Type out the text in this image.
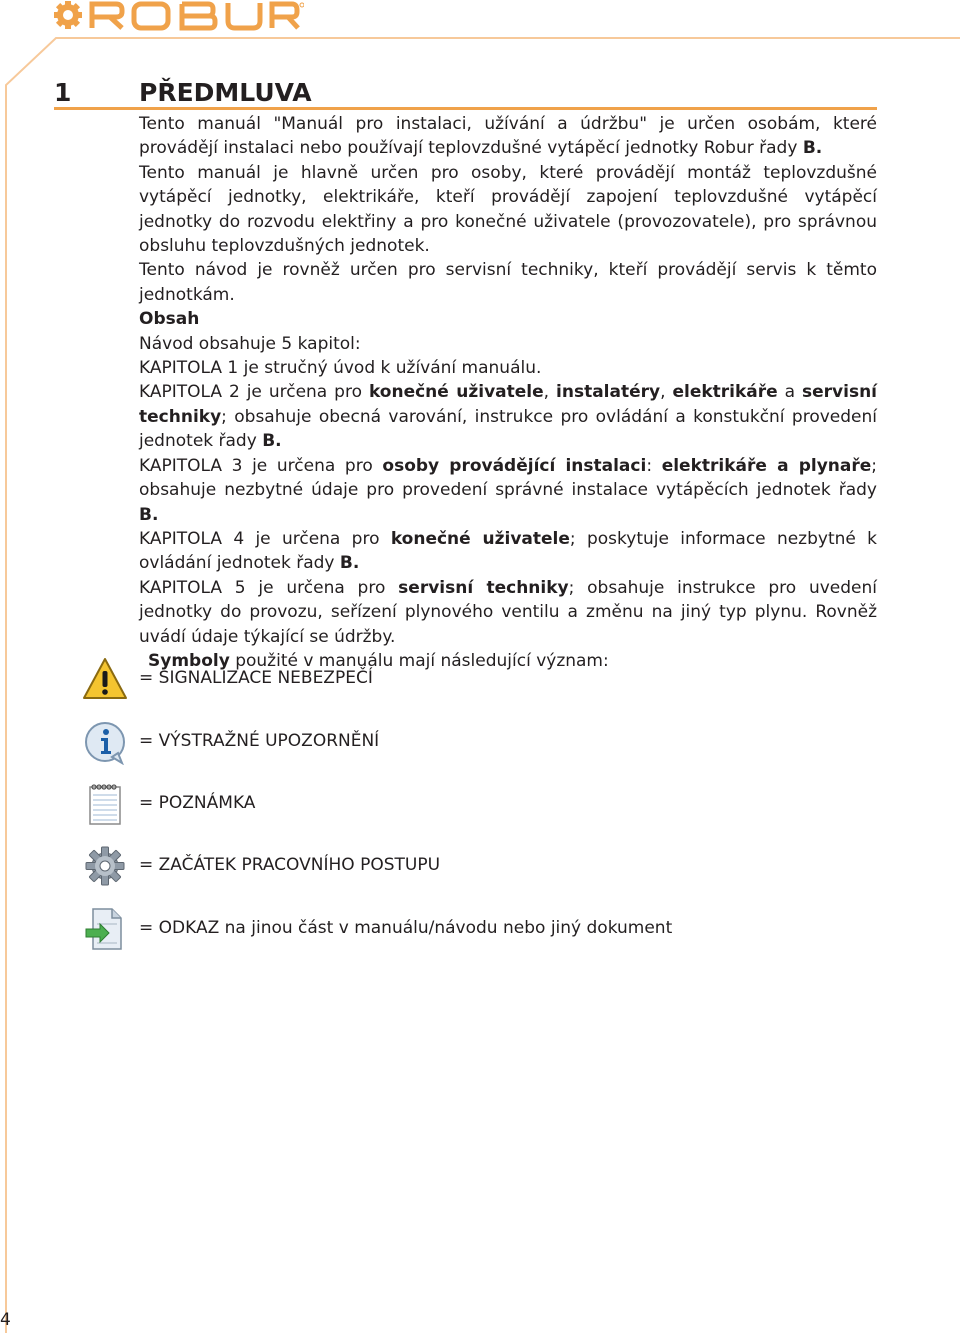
1	PŘEDMLUVA

Tento manuál "Manuál pro instalaci, užívání a údržbu" je určen osobám, které provádějí instalaci nebo používají teplovzdušné vytápěcí jednotky Robur řady B.

Tento manuál je hlavně určen pro osoby, které provádějí montáž teplovzdušné vytápěcí jednotky, elektrikáře, kteří provádějí zapojení teplovzdušné vytápěcí jednotky do rozvodu elektřiny a pro konečné uživatele (provozovatele), pro správnou obsluhu teplovzdušných jednotek.

Tento návod je rovněž určen pro servisní techniky, kteří provádějí servis k těmto jednotkám.

Obsah

Návod obsahuje 5 kapitol:

KAPITOLA 1 je stručný úvod k užívání manuálu.

KAPITOLA 2 je určena pro konečné uživatele, instalatéry, elektrikáře a servisní techniky; obsahuje obecná varování, instrukce pro ovládání a konstukční provedení jednotek řady B.

KAPITOLA 3 je určena pro osoby provádějící instalaci: elektrikáře a plynaře; obsahuje nezbytné údaje pro provedení správné instalace vytápěcích jednotek řady B.

KAPITOLA 4 je určena pro konečné uživatele; poskytuje informace nezbytné k ovládání jednotek řady B.

KAPITOLA 5 je určena pro servisní techniky; obsahuje instrukce pro uvedení jednotky do provozu, seřízení plynového ventilu a změnu na jiný typ plynu. Rovněž uvádí údaje týkající se údržby.

Symboly použité v manuálu mají následující význam:

= SIGNALIZACE NEBEZPEČÍ
= VÝSTRAŽNÉ UPOZORNĚNÍ
= POZNÁMKA
= ZAČÁTEK PRACOVNÍHO POSTUPU
= ODKAZ na jinou část v manuálu/návodu nebo jiný dokument
4
